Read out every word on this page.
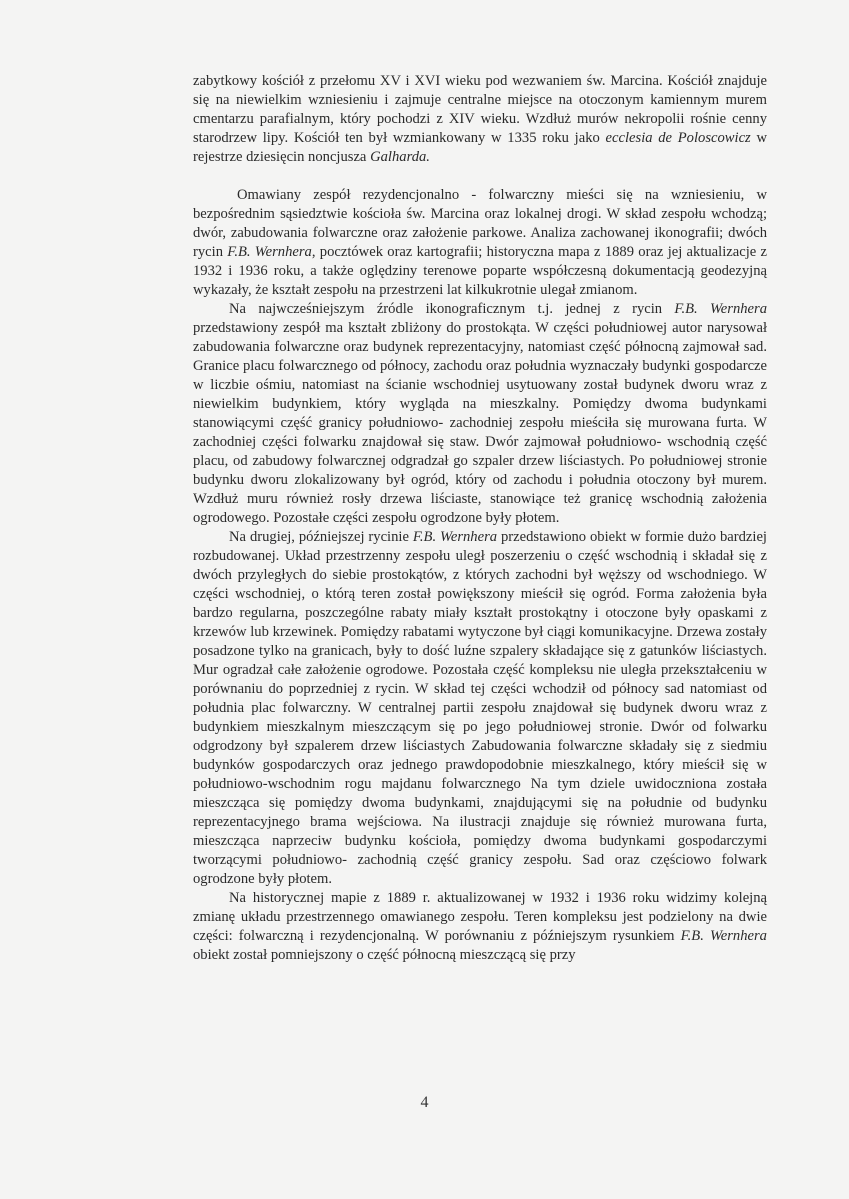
zabytkowy kościół z przełomu XV i XVI wieku pod wezwaniem św. Marcina. Kościół znajduje się na niewielkim wzniesieniu i zajmuje centralne miejsce na otoczonym kamiennym murem cmentarzu parafialnym, który pochodzi z XIV wieku. Wzdłuż murów nekropolii rośnie cenny starodrzew lipy. Kościół ten był wzmiankowany w 1335 roku jako ecclesia de Poloscowicz w rejestrze dziesięcin noncjusza Galharda.

Omawiany zespół rezydencjonalno - folwarczny mieści się na wzniesieniu, w bezpośrednim sąsiedztwie kościoła św. Marcina oraz lokalnej drogi. W skład zespołu wchodzą; dwór, zabudowania folwarczne oraz założenie parkowe. Analiza zachowanej ikonografii; dwóch rycin F.B. Wernhera, pocztówek oraz kartografii; historyczna mapa z 1889 oraz jej aktualizacje z 1932 i 1936 roku, a także oględziny terenowe poparte współczesną dokumentacją geodezyjną wykazały, że kształt zespołu na przestrzeni lat kilkukrotnie ulegał zmianom.

Na najwcześniejszym źródle ikonograficznym t.j. jednej z rycin F.B. Wernhera przedstawiony zespół ma kształt zbliżony do prostokąta. W części południowej autor narysował zabudowania folwarczne oraz budynek reprezentacyjny, natomiast część północną zajmował sad. Granice placu folwarcznego od północy, zachodu oraz południa wyznaczały budynki gospodarcze w liczbie ośmiu, natomiast na ścianie wschodniej usytuowany został budynek dworu wraz z niewielkim budynkiem, który wygląda na mieszkalny. Pomiędzy dwoma budynkami stanowiącymi część granicy południowo- zachodniej zespołu mieściła się murowana furta. W zachodniej części folwarku znajdował się staw. Dwór zajmował południowo- wschodnią część placu, od zabudowy folwarcznej odgradzał go szpaler drzew liściastych. Po południowej stronie budynku dworu zlokalizowany był ogród, który od zachodu i południa otoczony był murem. Wzdłuż muru również rosły drzewa liściaste, stanowiące też granicę wschodnią założenia ogrodowego. Pozostałe części zespołu ogrodzone były płotem.

Na drugiej, późniejszej rycinie F.B. Wernhera przedstawiono obiekt w formie dużo bardziej rozbudowanej. Układ przestrzenny zespołu uległ poszerzeniu o część wschodnią i składał się z dwóch przyległych do siebie prostokątów, z których zachodni był węższy od wschodniego. W części wschodniej, o którą teren został powiększony mieścił się ogród. Forma założenia była bardzo regularna, poszczególne rabaty miały kształt prostokątny i otoczone były opaskami z krzewów lub krzewinek. Pomiędzy rabatami wytyczone był ciągi komunikacyjne. Drzewa zostały posadzone tylko na granicach, były to dość luźne szpalery składające się z gatunków liściastych. Mur ogradzał całe założenie ogrodowe. Pozostała część kompleksu nie uległa przekształceniu w porównaniu do poprzedniej z rycin. W skład tej części wchodził od północy sad natomiast od południa plac folwarczny. W centralnej partii zespołu znajdował się budynek dworu wraz z budynkiem mieszkalnym mieszczącym się po jego południowej stronie. Dwór od folwarku odgrodzony był szpalerem drzew liściastych Zabudowania folwarczne składały się z siedmiu budynków gospodarczych oraz jednego prawdopodobnie mieszkalnego, który mieścił się w południowo-wschodnim rogu majdanu folwarcznego Na tym dziele uwidoczniona została mieszcząca się pomiędzy dwoma budynkami, znajdującymi się na południe od budynku reprezentacyjnego brama wejściowa. Na ilustracji znajduje się również murowana furta, mieszcząca naprzeciw budynku kościoła, pomiędzy dwoma budynkami gospodarczymi tworzącymi południowo- zachodnią część granicy zespołu. Sad oraz częściowo folwark ogrodzone były płotem.

Na historycznej mapie z 1889 r. aktualizowanej w 1932 i 1936 roku widzimy kolejną zmianę układu przestrzennego omawianego zespołu. Teren kompleksu jest podzielony na dwie części: folwarczną i rezydencjonalną. W porównaniu z późniejszym rysunkiem F.B. Wernhera obiekt został pomniejszony o część północną mieszczącą się przy

4
